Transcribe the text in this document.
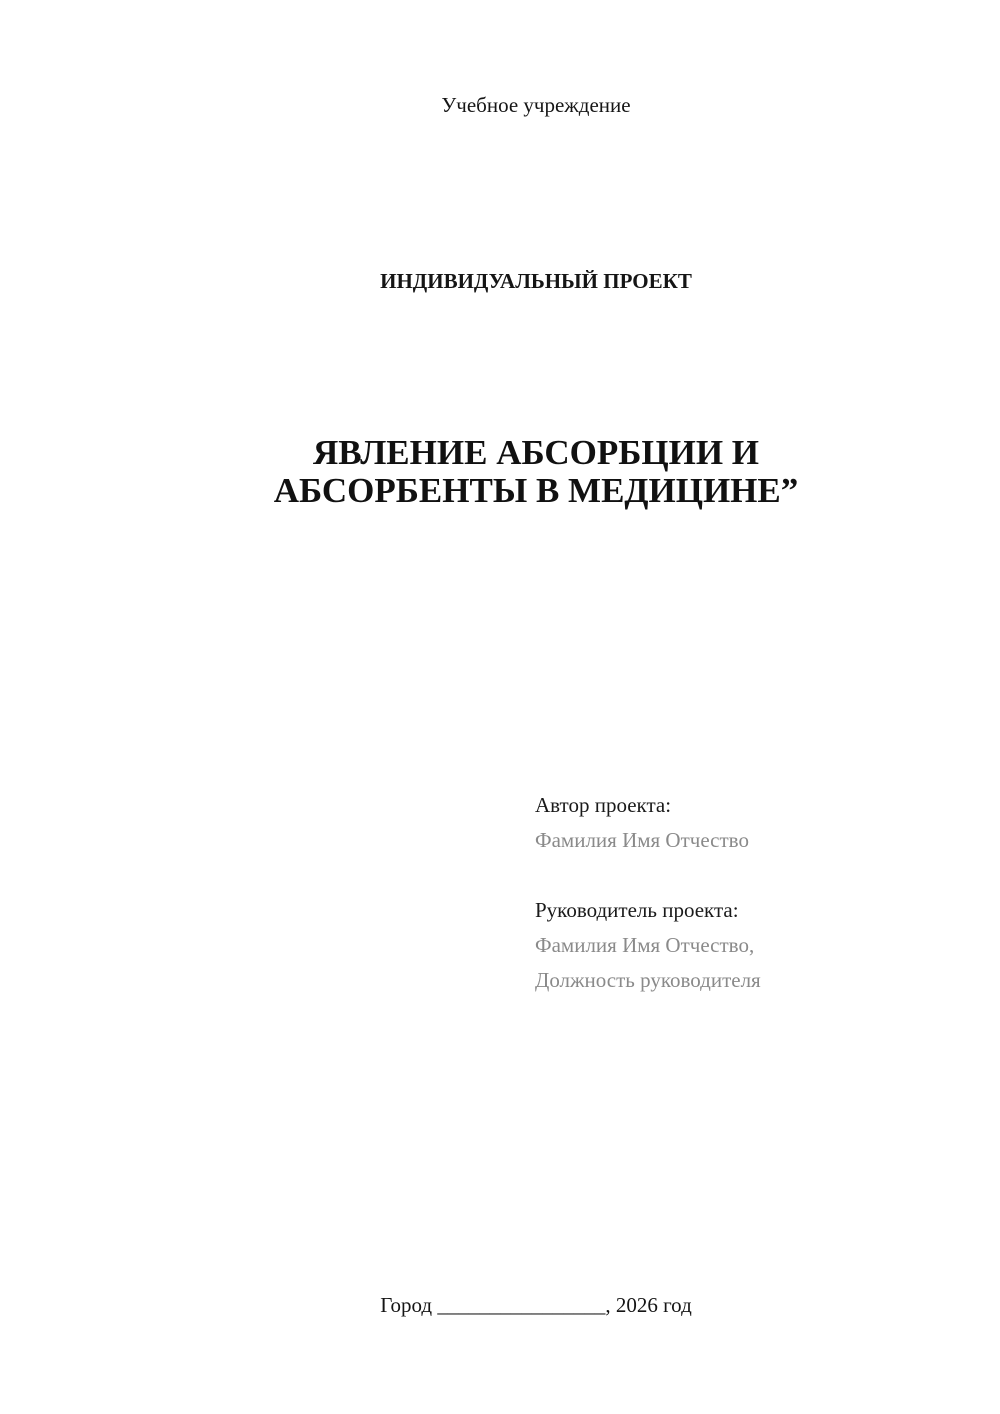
Учебное учреждение
ИНДИВИДУАЛЬНЫЙ ПРОЕКТ
ЯВЛЕНИЕ АБСОРБЦИИ И
АБСОРБЕНТЫ В МЕДИЦИНЕ”
Автор проекта:
Фамилия Имя Отчество
Руководитель проекта:
Фамилия Имя Отчество,
Должность руководителя
Город ________________, 2026 год
